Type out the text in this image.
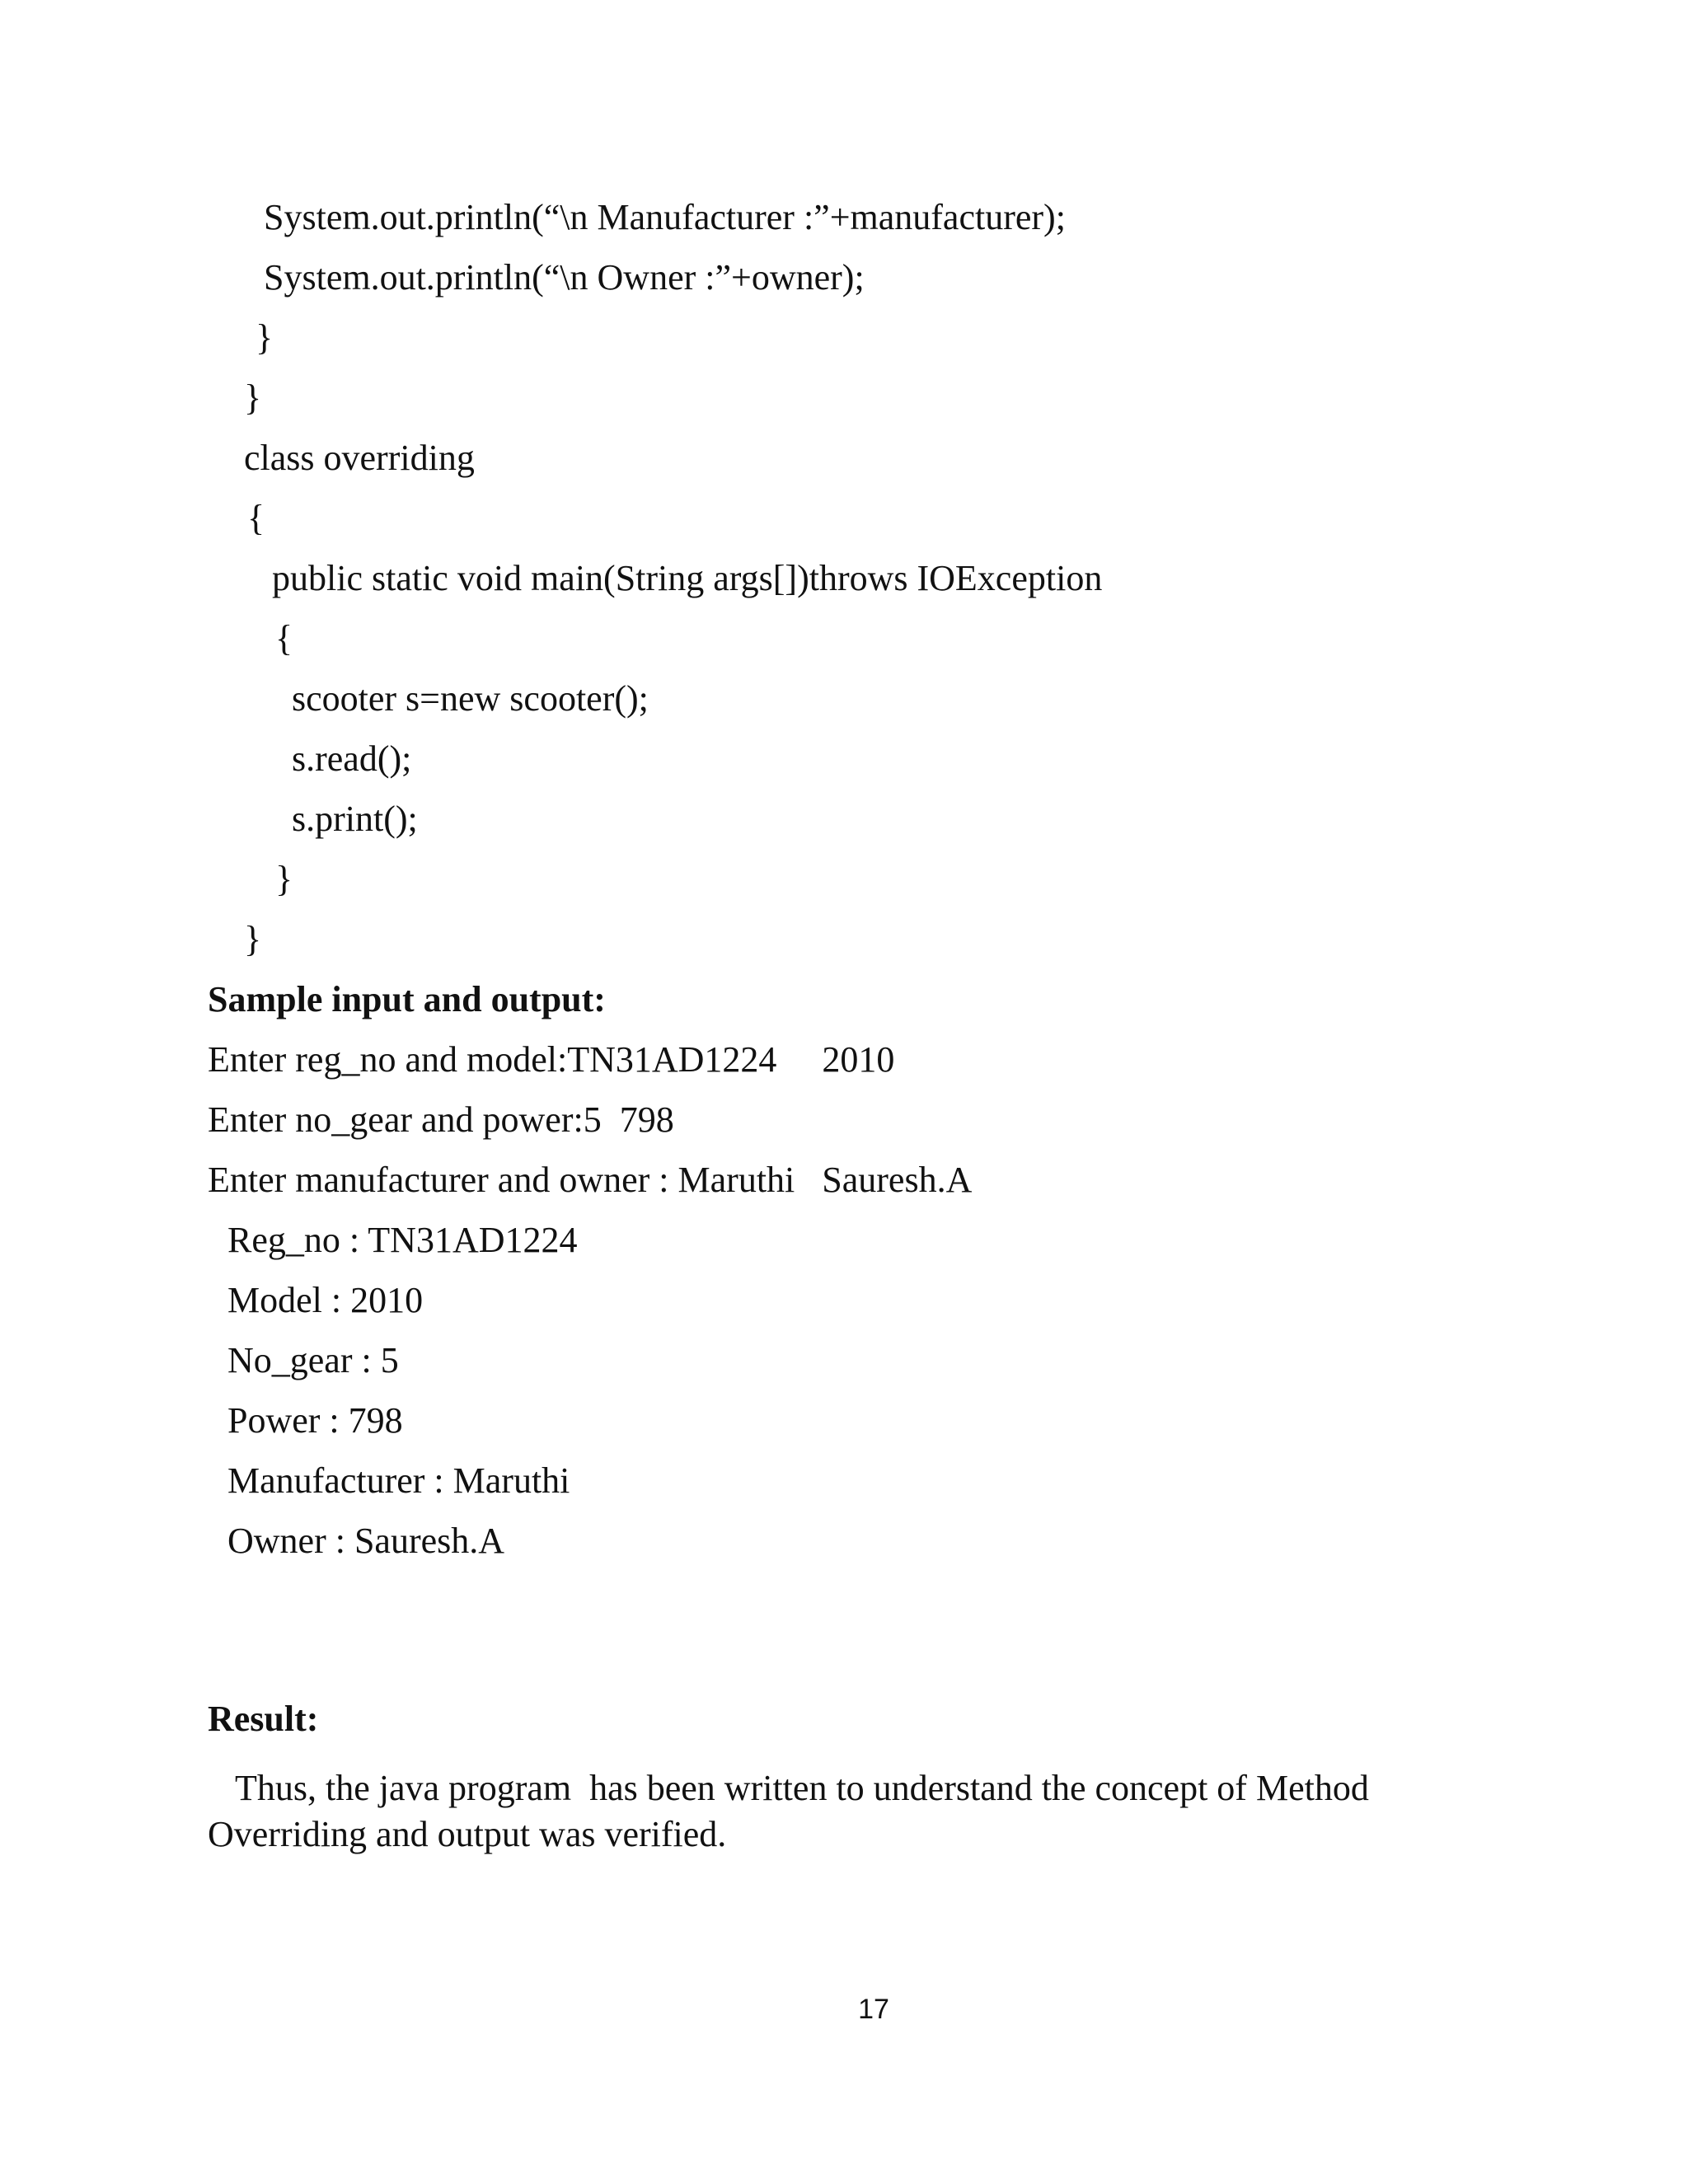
System.out.println(“\n Manufacturer :”+manufacturer);
System.out.println(“\n Owner :”+owner);
}
}
class overriding
{
public static void main(String args[])throws IOException
{
scooter s=new scooter();
s.read();
s.print();
}
}
Sample input and output:
Enter reg_no and model:TN31AD1224     2010
Enter no_gear and power:5  798
Enter manufacturer and owner : Maruthi   Sauresh.A
Reg_no : TN31AD1224
Model : 2010
No_gear : 5
Power : 798
Manufacturer : Maruthi
Owner : Sauresh.A
Result:
Thus, the java program  has been written to understand the concept of Method Overriding and output was verified.
17
